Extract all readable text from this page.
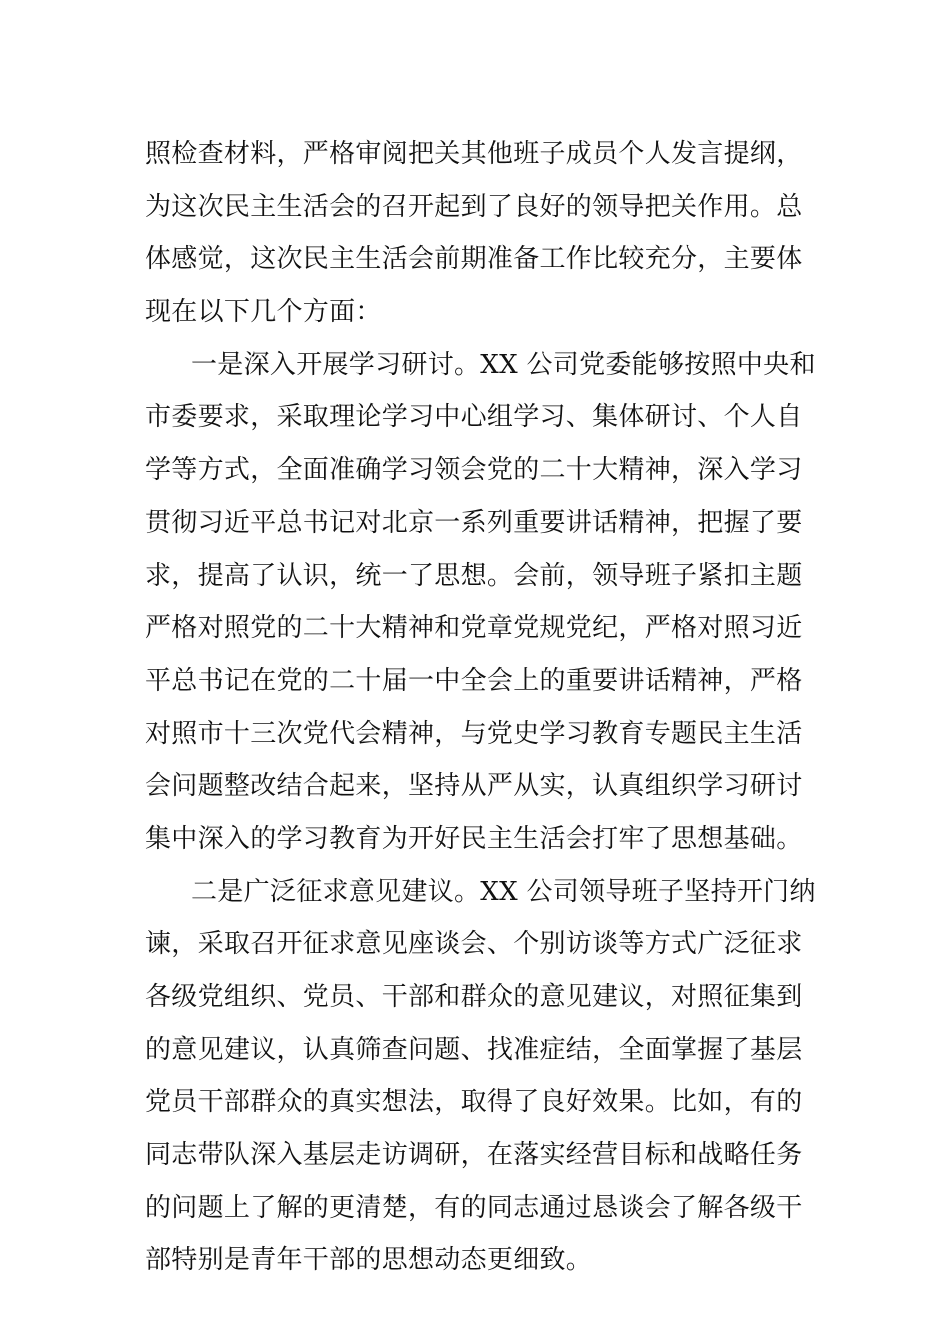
照检查材料，严格审阅把关其他班子成员个人发言提纲，
为这次民主生活会的召开起到了良好的领导把关作用。总
体感觉，这次民主生活会前期准备工作比较充分，主要体
现在以下几个方面：
一是深入开展学习研讨。XX 公司党委能够按照中央和
市委要求，采取理论学习中心组学习、集体研讨、个人自
学等方式，全面准确学习领会党的二十大精神，深入学习
贯彻习近平总书记对北京一系列重要讲话精神，把握了要
求，提高了认识，统一了思想。会前，领导班子紧扣主题
严格对照党的二十大精神和党章党规党纪，严格对照习近
平总书记在党的二十届一中全会上的重要讲话精神，严格
对照市十三次党代会精神，与党史学习教育专题民主生活
会问题整改结合起来，坚持从严从实，认真组织学习研讨
集中深入的学习教育为开好民主生活会打牢了思想基础。
二是广泛征求意见建议。XX 公司领导班子坚持开门纳
谏，采取召开征求意见座谈会、个别访谈等方式广泛征求
各级党组织、党员、干部和群众的意见建议，对照征集到
的意见建议，认真筛查问题、找准症结，全面掌握了基层
党员干部群众的真实想法，取得了良好效果。比如，有的
同志带队深入基层走访调研，在落实经营目标和战略任务
的问题上了解的更清楚，有的同志通过恳谈会了解各级干
部特别是青年干部的思想动态更细致。
